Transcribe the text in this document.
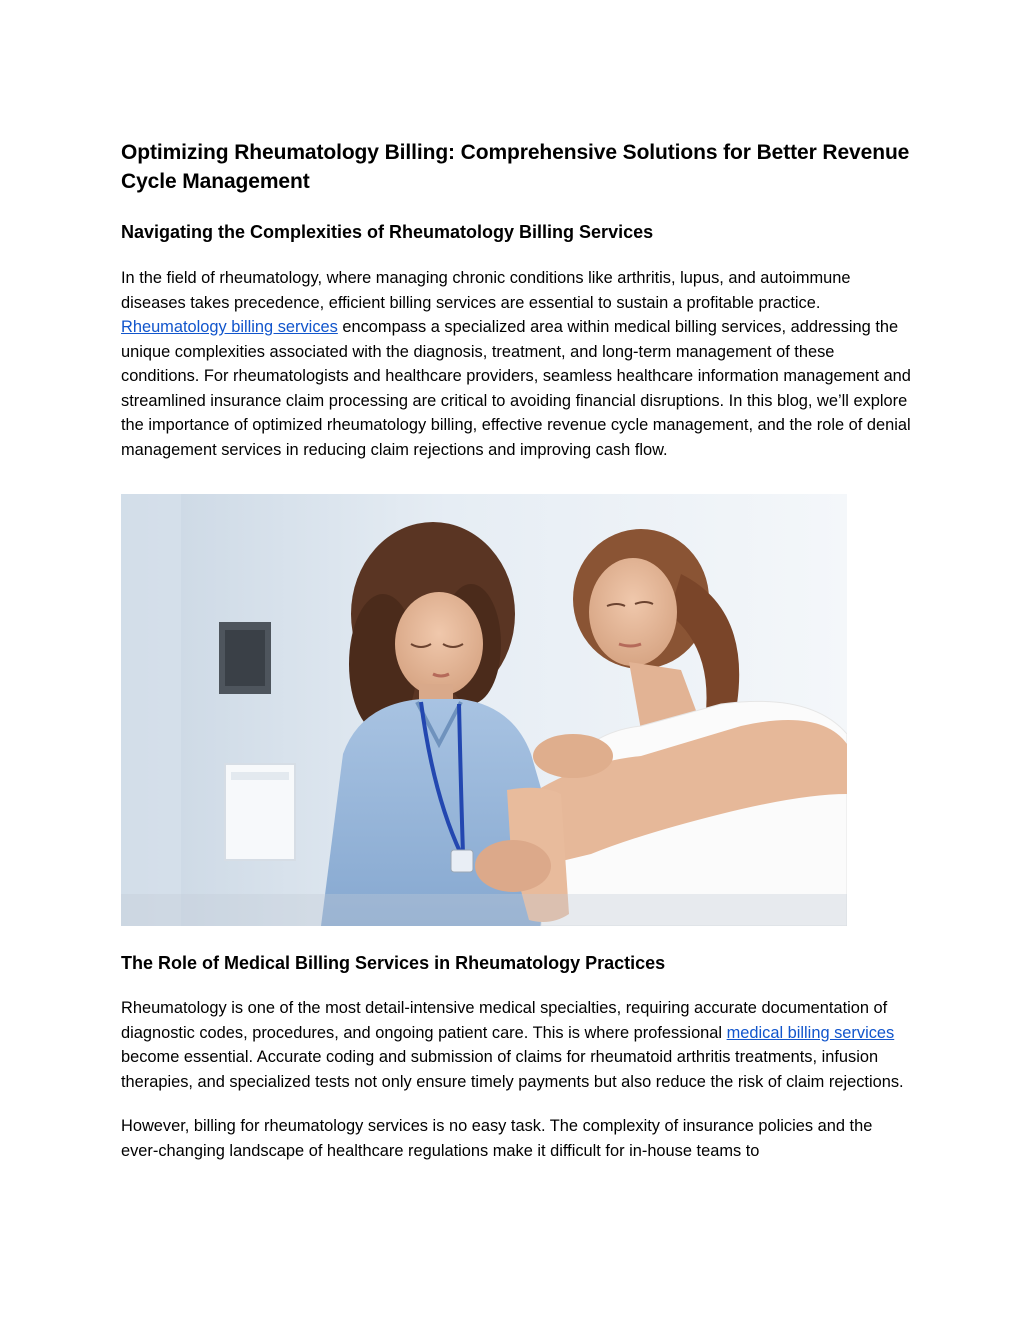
Optimizing Rheumatology Billing: Comprehensive Solutions for Better Revenue Cycle Management
Navigating the Complexities of Rheumatology Billing Services

In the field of rheumatology, where managing chronic conditions like arthritis, lupus, and autoimmune diseases takes precedence, efficient billing services are essential to sustain a profitable practice. Rheumatology billing services encompass a specialized area within medical billing services, addressing the unique complexities associated with the diagnosis, treatment, and long-term management of these conditions. For rheumatologists and healthcare providers, seamless healthcare information management and streamlined insurance claim processing are critical to avoiding financial disruptions. In this blog, we’ll explore the importance of optimized rheumatology billing, effective revenue cycle management, and the role of denial management services in reducing claim rejections and improving cash flow.

The Role of Medical Billing Services in Rheumatology Practices

Rheumatology is one of the most detail-intensive medical specialties, requiring accurate documentation of diagnostic codes, procedures, and ongoing patient care. This is where professional medical billing services become essential. Accurate coding and submission of claims for rheumatoid arthritis treatments, infusion therapies, and specialized tests not only ensure timely payments but also reduce the risk of claim rejections.

However, billing for rheumatology services is no easy task. The complexity of insurance policies and the ever-changing landscape of healthcare regulations make it difficult for in-house teams to
